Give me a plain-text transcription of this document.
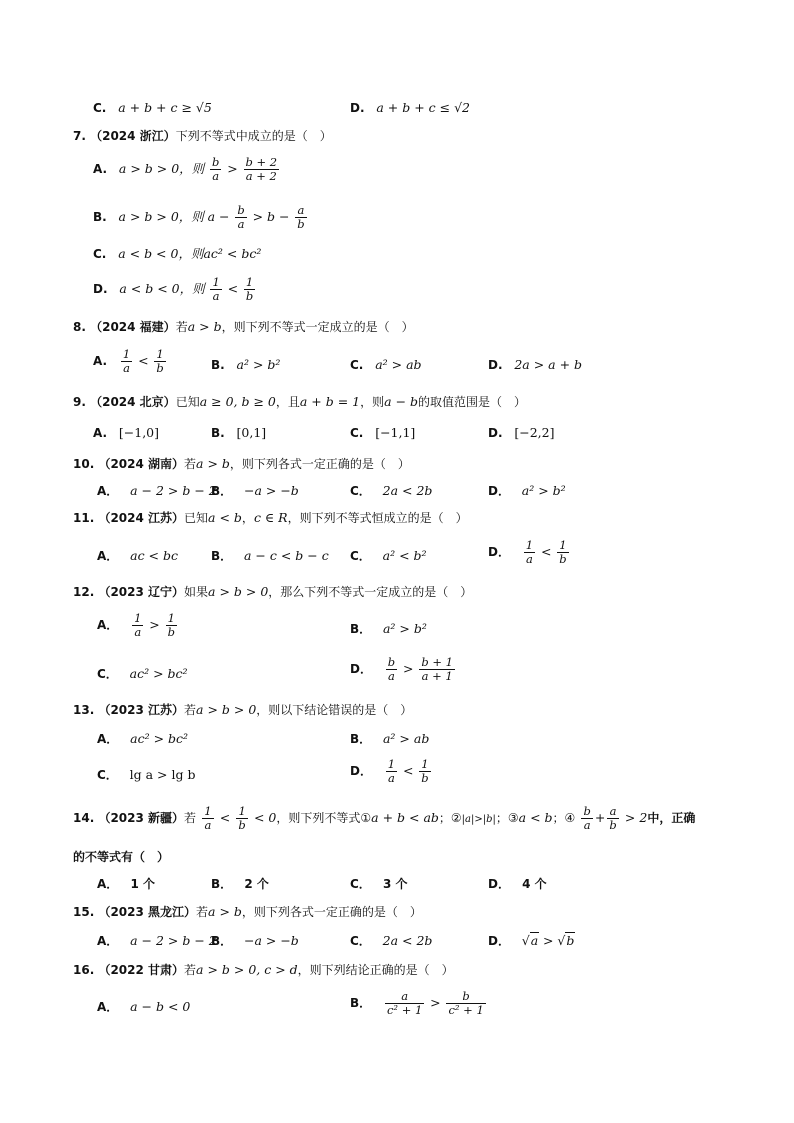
C. a + b + c ≥ √5	D. a + b + c ≤ √2
7. （2024 浙江）下列不等式中成立的是（　）
A. a > b > 0，则 $\frac{b}{a} > \frac{b + 2}{a + 2}$
B. a > b > 0，则 $a - \frac{b}{a} > b - \frac{a}{b}$
C. a < b < 0，则ac² < bc²
D. a < b < 0，则 $\frac{1}{a} < \frac{1}{b}$
8. （2024 福建）若a > b，则下列不等式一定成立的是（　）
A. $\frac{1}{a} < \frac{1}{b}$	B. a² > b²	C. a² > ab	D. 2a > a + b
9. （2024 北京）已知a ≥ 0, b ≥ 0，且a + b = 1，则a − b的取值范围是（　）
A. [−1,0]	B. [0,1]	C. [−1,1]	D. [−2,2]
10. （2024 湖南）若a > b，则下列各式一定正确的是（　）
A． a − 2 > b − 2
B． −a > −b	C． 2a < 2b	D． a² > b²
11. （2024 江苏）已知a < b，c ∈ R，则下列不等式恒成立的是（　）
A． ac < bc	B． a − c < b − c C． a² < b²	D． $\frac{1}{a} < \frac{1}{b}$
12. （2023 辽宁）如果a > b > 0，那么下列不等式一定成立的是（　）
A． $\frac{1}{a} > \frac{1}{b}$	B． a² > b²
C． ac² > bc²	D． $\frac{b}{a} > \frac{b + 1}{a + 1}$
13. （2023 江苏）若a > b > 0，则以下结论错误的是（　）
A． ac² > bc²	B． a² > ab
C． lg a > lg b	D． $\frac{1}{a} < \frac{1}{b}$
14. （2023 新疆）若 $\frac{1}{a} < \frac{1}{b} < 0$，则下列不等式①a + b < ab；②|a|>|b|；③a < b；④ $\frac{b}{a} + \frac{a}{b} > 2$中，正确
的不等式有（　）
A． 1 个	B． 2 个	C． 3 个	D． 4 个
15. （2023 黑龙江）若a > b，则下列各式一定正确的是（　）
A． a − 2 > b − 2
B． −a > −b	C． 2a < 2b	D． √a > √b
16. （2022 甘肃）若a > b > 0, c > d，则下列结论正确的是（　）
A． a − b < 0	B． $\frac{a}{\text{c² + 1}} > \frac{b}{\text{c² + 1}}$
